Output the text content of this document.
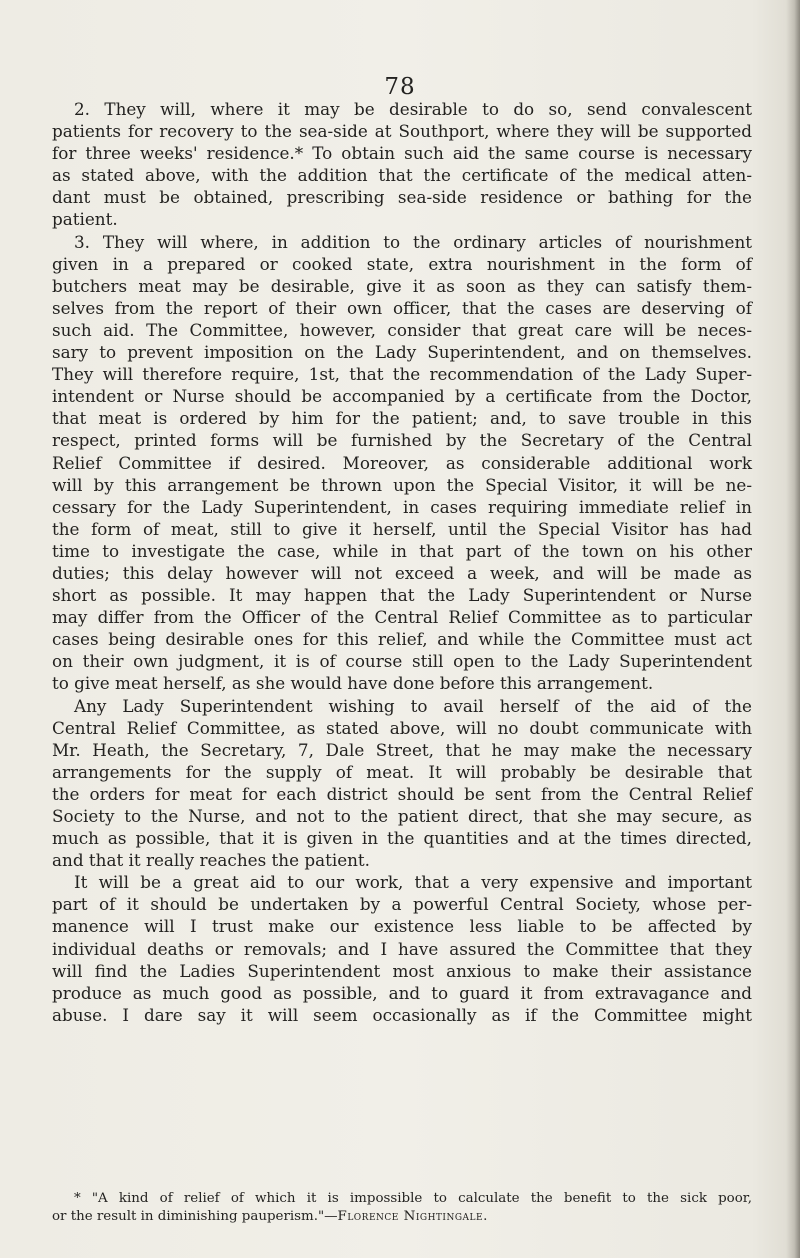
78
2. They will, where it may be desirable to do so, send convalescent
patients for recovery to the sea-side at Southport, where they will be supported
for three weeks' residence.* To obtain such aid the same course is necessary
as stated above, with the addition that the certificate of the medical atten-
dant must be obtained, prescribing sea-side residence or bathing for the
patient.
3. They will where, in addition to the ordinary articles of nourishment
given in a prepared or cooked state, extra nourishment in the form of
butchers meat may be desirable, give it as soon as they can satisfy them-
selves from the report of their own officer, that the cases are deserving of
such aid. The Committee, however, consider that great care will be neces-
sary to prevent imposition on the Lady Superintendent, and on themselves.
They will therefore require, 1st, that the recommendation of the Lady Super-
intendent or Nurse should be accompanied by a certificate from the Doctor,
that meat is ordered by him for the patient; and, to save trouble in this
respect, printed forms will be furnished by the Secretary of the Central
Relief Committee if desired. Moreover, as considerable additional work
will by this arrangement be thrown upon the Special Visitor, it will be ne-
cessary for the Lady Superintendent, in cases requiring immediate relief in
the form of meat, still to give it herself, until the Special Visitor has had
time to investigate the case, while in that part of the town on his other
duties; this delay however will not exceed a week, and will be made as
short as possible. It may happen that the Lady Superintendent or Nurse
may differ from the Officer of the Central Relief Committee as to particular
cases being desirable ones for this relief, and while the Committee must act
on their own judgment, it is of course still open to the Lady Superintendent
to give meat herself, as she would have done before this arrangement.
Any Lady Superintendent wishing to avail herself of the aid of the
Central Relief Committee, as stated above, will no doubt communicate with
Mr. Heath, the Secretary, 7, Dale Street, that he may make the necessary
arrangements for the supply of meat. It will probably be desirable that
the orders for meat for each district should be sent from the Central Relief
Society to the Nurse, and not to the patient direct, that she may secure, as
much as possible, that it is given in the quantities and at the times directed,
and that it really reaches the patient.
It will be a great aid to our work, that a very expensive and important
part of it should be undertaken by a powerful Central Society, whose per-
manence will I trust make our existence less liable to be affected by
individual deaths or removals; and I have assured the Committee that they
will find the Ladies Superintendent most anxious to make their assistance
produce as much good as possible, and to guard it from extravagance and
abuse. I dare say it will seem occasionally as if the Committee might
* "A kind of relief of which it is impossible to calculate the benefit to the sick poor,
or the result in diminishing pauperism."—Florence Nightingale.
